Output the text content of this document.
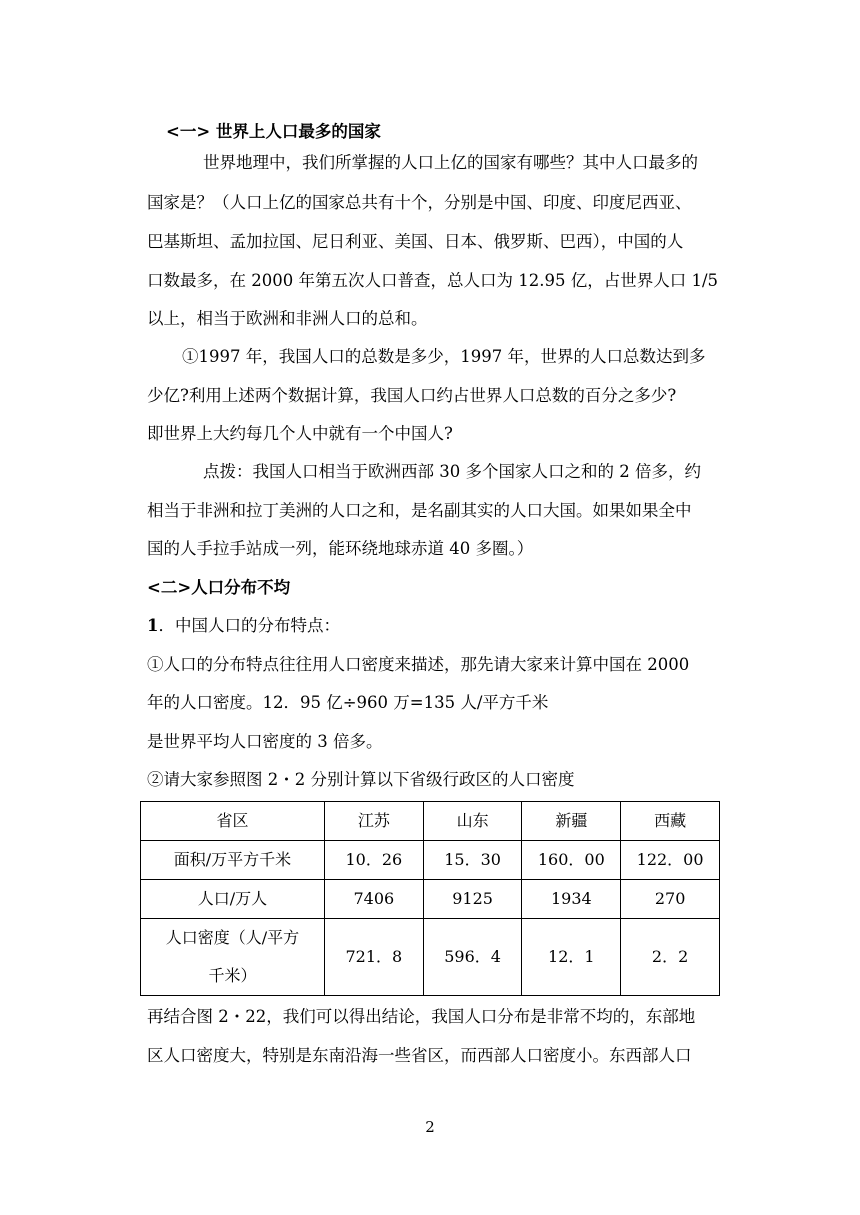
<一> 世界上人口最多的国家
世界地理中，我们所掌握的人口上亿的国家有哪些？其中人口最多的
国家是？（人口上亿的国家总共有十个，分别是中国、印度、印度尼西亚、
巴基斯坦、孟加拉国、尼日利亚、美国、日本、俄罗斯、巴西），中国的人
口数最多，在 2000 年第五次人口普查，总人口为 12.95 亿，占世界人口 1/5
以上，相当于欧洲和非洲人口的总和。
①1997 年，我国人口的总数是多少，1997 年，世界的人口总数达到多
少亿?利用上述两个数据计算，我国人口约占世界人口总数的百分之多少?
即世界上大约每几个人中就有一个中国人?
点拨：我国人口相当于欧洲西部 30 多个国家人口之和的 2 倍多，约
相当于非洲和拉丁美洲的人口之和，是名副其实的人口大国。如果如果全中
国的人手拉手站成一列，能环绕地球赤道 40 多圈。）
<二>人口分布不均
1．中国人口的分布特点：
①人口的分布特点往往用人口密度来描述，那先请大家来计算中国在 2000
年的人口密度。12．95 亿÷960 万=135 人/平方千米
是世界平均人口密度的 3 倍多。
②请大家参照图 2・2 分别计算以下省级行政区的人口密度
省区	江苏	山东	新疆	西藏
面积/万平方千米	10．26	15．30	160．00	122．00
人口/万人	7406	9125	1934	270
人口密度（人/平方千米）	721．8	596．4	12．1	2．2
再结合图 2・22，我们可以得出结论，我国人口分布是非常不均的，东部地
区人口密度大，特别是东南沿海一些省区，而西部人口密度小。东西部人口
2
